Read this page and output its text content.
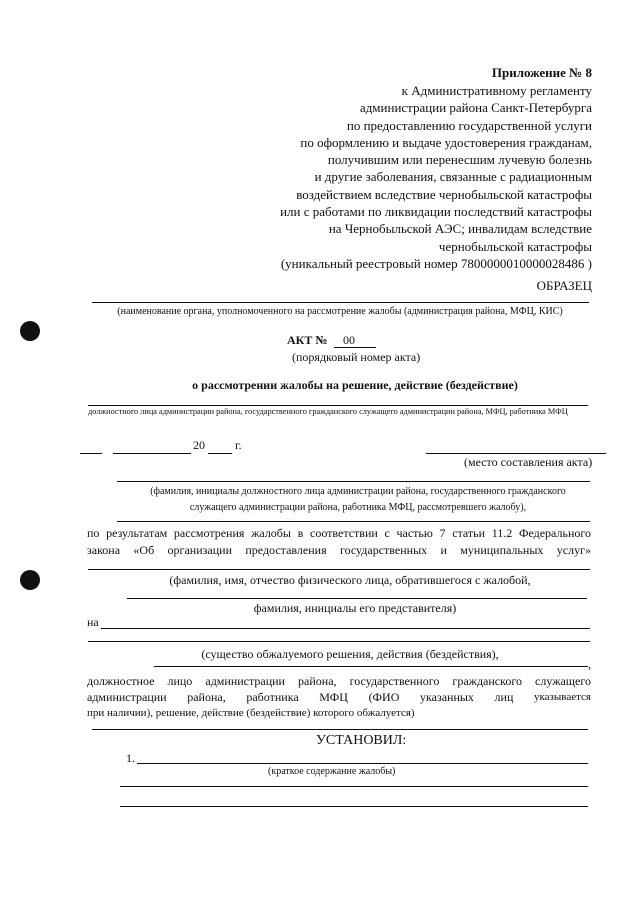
Приложение № 8
к Административному регламенту
администрации района Санкт-Петербурга
по предоставлению государственной услуги
по оформлению и выдаче удостоверения гражданам,
получившим или перенесшим лучевую болезнь
и другие заболевания, связанные с радиационным
воздействием вследствие чернобыльской катастрофы
или с работами по ликвидации последствий катастрофы
на Чернобыльской АЭС; инвалидам вследствие
чернобыльской катастрофы
(уникальный реестровый номер 7800000010000028486 )
ОБРАЗЕЦ
(наименование органа, уполномоченного на рассмотрение жалобы (администрация района, МФЦ, КИС)
АКТ № 00
(порядковый номер акта)
о рассмотрении жалобы на решение, действие (бездействие)
должностного лица администрации района, государственного гражданского служащего администрации района, МФЦ, работника МФЦ
20	г.
(место составления акта)
(фамилия, инициалы должностного лица администрации района, государственного гражданского
служащего администрации района, работника МФЦ, рассмотревшего жалобу),
по результатам рассмотрения жалобы в соответствии с частью 7 статьи 11.2 Федерального
закона «Об организации предоставления государственных и муниципальных услуг»
(фамилия, имя, отчество физического лица, обратившегося с жалобой,
фамилия, инициалы его представителя)
на
(существо обжалуемого решения, действия (бездействия),
,
должностное лицо администрации района, государственного гражданского служащего
администрации района, работника МФЦ (ФИО указанных лиц указывается
при наличии), решение, действие (бездействие) которого обжалуется)
УСТАНОВИЛ:
1.
(краткое содержание жалобы)
